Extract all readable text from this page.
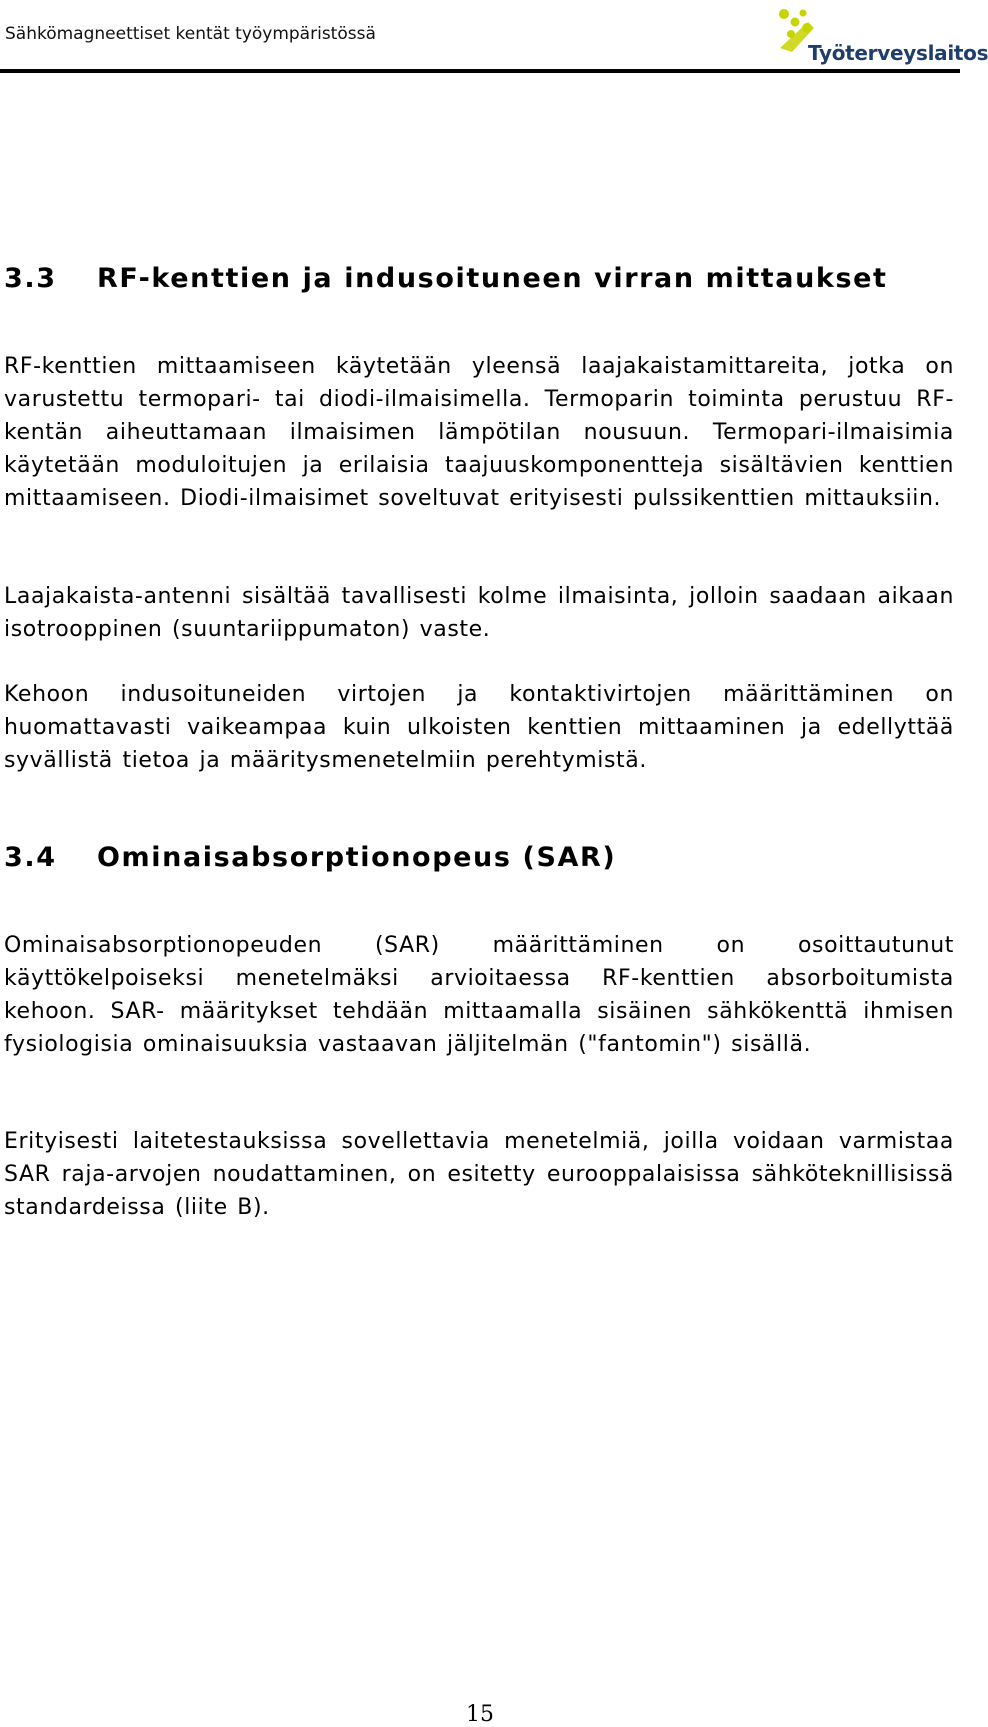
Sähkömagneettiset kentät työympäristössä
Työterveyslaitos
3.3 RF-kenttien ja indusoituneen virran mittaukset

RF-kenttien mittaamiseen käytetään yleensä laajakaistamittareita, jotka on varustettu termopari- tai diodi-ilmaisimella. Termoparin toiminta perustuu RF-kentän aiheuttamaan ilmaisimen lämpötilan nousuun. Termopari-ilmaisimia käytetään moduloitujen ja erilaisia taajuuskomponentteja sisältävien kenttien mittaamiseen. Diodi-ilmaisimet soveltuvat erityisesti pulssikenttien mittauksiin.

Laajakaista-antenni sisältää tavallisesti kolme ilmaisinta, jolloin saadaan aikaan isotrooppinen (suuntariippumaton) vaste.

Kehoon indusoituneiden virtojen ja kontaktivirtojen määrittäminen on huomattavasti vaikeampaa kuin ulkoisten kenttien mittaaminen ja edellyttää syvällistä tietoa ja määritysmenetelmiin perehtymistä.

3.4 Ominaisabsorptionopeus (SAR)

Ominaisabsorptionopeuden (SAR) määrittäminen on osoittautunut käyttökelpoiseksi menetelmäksi arvioitaessa RF-kenttien absorboitumista kehoon. SAR- määritykset tehdään mittaamalla sisäinen sähkökenttä ihmisen fysiologisia ominaisuuksia vastaavan jäljitelmän ("fantomin") sisällä.

Erityisesti laitetestauksissa sovellettavia menetelmiä, joilla voidaan varmistaa SAR raja-arvojen noudattaminen, on esitetty eurooppalaisissa sähköteknillisissä standardeissa (liite B).

15
